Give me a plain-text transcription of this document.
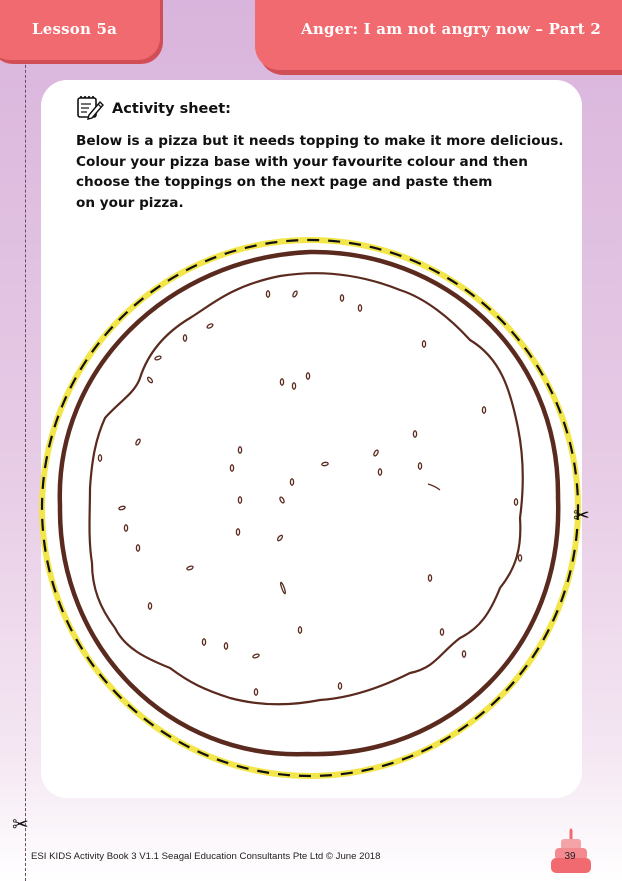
Lesson 5a	Anger: I am not angry now – Part 2
Activity sheet:
Below is a pizza but it needs topping to make it more delicious.
Colour your pizza base with your favourite colour and then
choose the toppings on the next page and paste them
on your pizza.
✂
✂
ESI KIDS Activity Book 3 V1.1 Seagal Education Consultants Pte Ltd © June 2018	39
